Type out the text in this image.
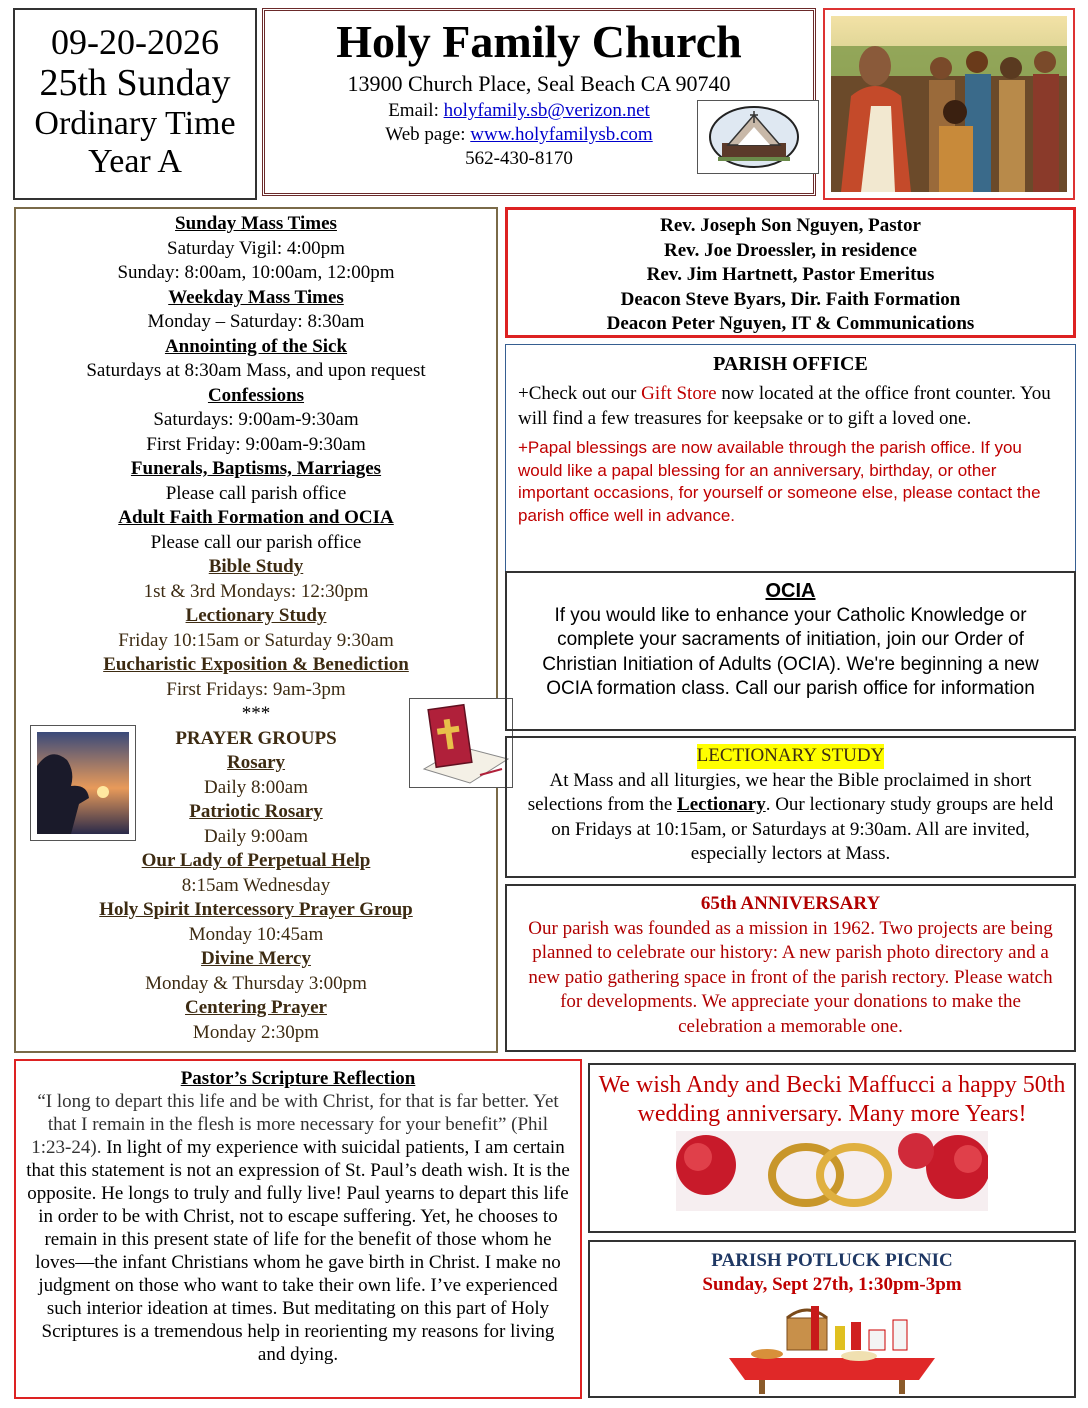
09-20-2026
25th Sunday
Ordinary Time
Year A
Holy Family Church
13900 Church Place, Seal Beach CA 90740
Email: holyfamily.sb@verizon.net
Web page: www.holyfamilysb.com
562-430-8170
Sunday Mass Times
Saturday Vigil: 4:00pm
Sunday: 8:00am, 10:00am, 12:00pm
Weekday Mass Times
Monday – Saturday: 8:30am
Annointing of the Sick
Saturdays at 8:30am Mass, and upon request
Confessions
Saturdays: 9:00am-9:30am
First Friday: 9:00am-9:30am
Funerals, Baptisms, Marriages
Please call parish office
Adult Faith Formation and OCIA
Please call our parish office
Bible Study
1st & 3rd Mondays: 12:30pm
Lectionary Study
Friday 10:15am or Saturday 9:30am
Eucharistic Exposition & Benediction
First Fridays: 9am-3pm
***
PRAYER GROUPS
Rosary
Daily 8:00am
Patriotic Rosary
Daily 9:00am
Our Lady of Perpetual Help
8:15am Wednesday
Holy Spirit Intercessory Prayer Group
Monday 10:45am
Divine Mercy
Monday & Thursday 3:00pm
Centering Prayer
Monday 2:30pm
Rev. Joseph Son Nguyen, Pastor
Rev. Joe Droessler, in residence
Rev. Jim Hartnett, Pastor Emeritus
Deacon Steve Byars, Dir. Faith Formation
Deacon Peter Nguyen, IT & Communications
PARISH OFFICE
+Check out our Gift Store now located at the office front counter. You will find a few treasures for keepsake or to gift a loved one.
+Papal blessings are now available through the parish office. If you would like a papal blessing for an anniversary, birthday, or other important occasions, for yourself or someone else, please contact the parish office well in advance.
OCIA
If you would like to enhance your Catholic Knowledge or complete your sacraments of initiation, join our Order of Christian Initiation of Adults (OCIA). We're beginning a new OCIA formation class. Call our parish office for information
LECTIONARY STUDY
At Mass and all liturgies, we hear the Bible proclaimed in short selections from the Lectionary. Our lectionary study groups are held on Fridays at 10:15am, or Saturdays at 9:30am. All are invited, especially lectors at Mass.
65th ANNIVERSARY
Our parish was founded as a mission in 1962. Two projects are being planned to celebrate our history: A new parish photo directory and a new patio gathering space in front of the parish rectory. Please watch for developments. We appreciate your donations to make the celebration a memorable one.
Pastor’s Scripture Reflection
“I long to depart this life and be with Christ, for that is far better. Yet that I remain in the flesh is more necessary for your benefit” (Phil 1:23-24). In light of my experience with suicidal patients, I am certain that this statement is not an expression of St. Paul’s death wish. It is the opposite. He longs to truly and fully live! Paul yearns to depart this life in order to be with Christ, not to escape suffering. Yet, he chooses to remain in this present state of life for the benefit of those whom he loves—the infant Christians whom he gave birth in Christ. I make no judgment on those who want to take their own life. I’ve experienced such interior ideation at times. But meditating on this part of Holy Scriptures is a tremendous help in reorienting my reasons for living and dying.
We wish Andy and Becki Maffucci a happy 50th wedding anniversary. Many more Years!
PARISH POTLUCK PICNIC
Sunday, Sept 27th, 1:30pm-3pm
